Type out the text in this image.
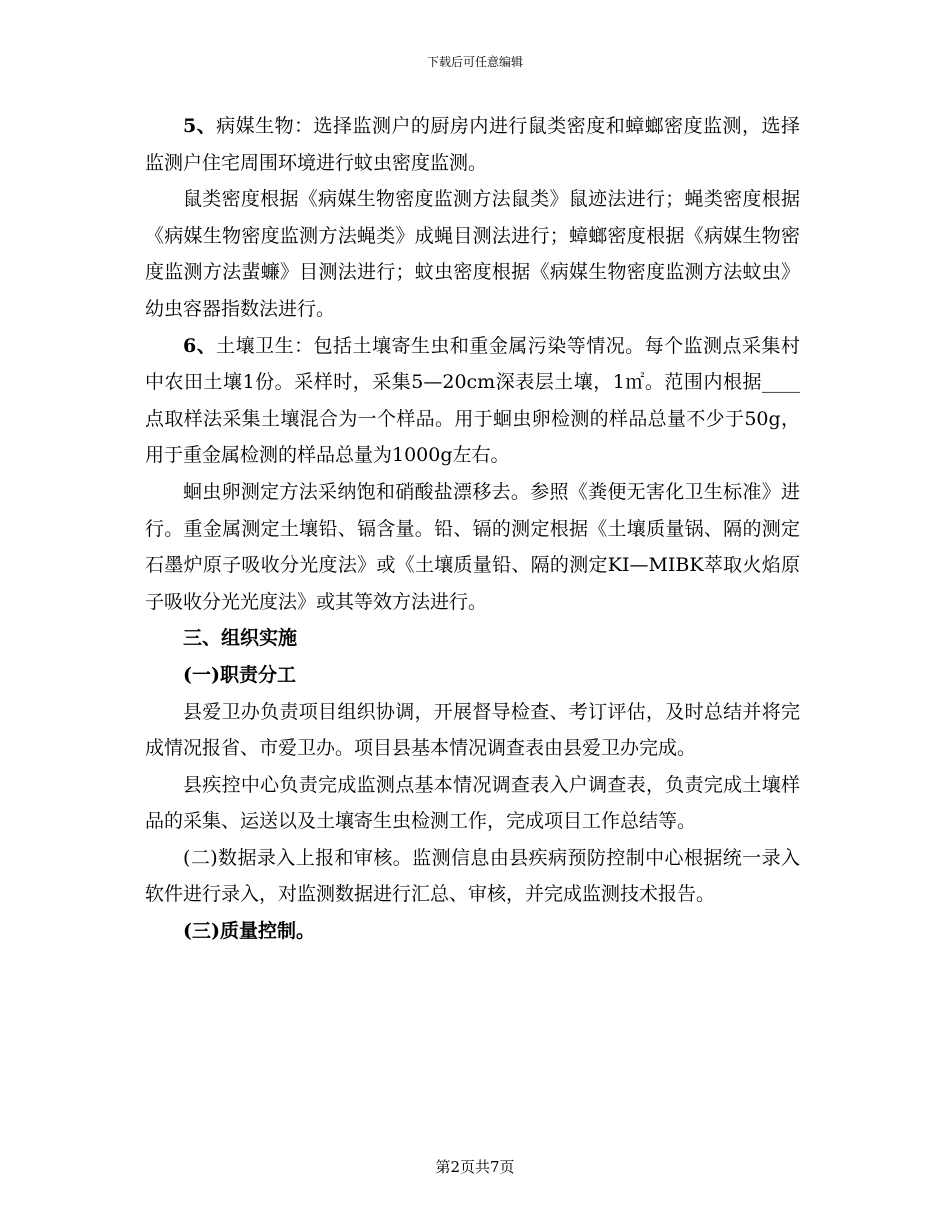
下载后可任意编辑

5、病媒生物：选择监测户的厨房内进行鼠类密度和蟑螂密度监测，选择监测户住宅周围环境进行蚊虫密度监测。

鼠类密度根据《病媒生物密度监测方法鼠类》鼠迹法进行；蝇类密度根据《病媒生物密度监测方法蝇类》成蝇目测法进行；蟑螂密度根据《病媒生物密度监测方法蜚蠊》目测法进行；蚊虫密度根据《病媒生物密度监测方法蚊虫》幼虫容器指数法进行。

6、土壤卫生：包括土壤寄生虫和重金属污染等情况。每个监测点采集村中农田土壤1份。采样时，采集5—20cm深表层土壤，1㎡。范围内根据____点取样法采集土壤混合为一个样品。用于蛔虫卵检测的样品总量不少于50g，用于重金属检测的样品总量为1000g左右。

蛔虫卵测定方法采纳饱和硝酸盐漂移去。参照《粪便无害化卫生标准》进行。重金属测定土壤铅、镉含量。铅、镉的测定根据《土壤质量锅、隔的测定石墨炉原子吸收分光度法》或《土壤质量铅、隔的测定KI—MIBK萃取火焰原子吸收分光光度法》或其等效方法进行。

三、组织实施

(一)职责分工

县爱卫办负责项目组织协调，开展督导检查、考订评估，及时总结并将完成情况报省、市爱卫办。项目县基本情况调查表由县爱卫办完成。

县疾控中心负责完成监测点基本情况调查表入户调查表，负责完成土壤样品的采集、运送以及土壤寄生虫检测工作，完成项目工作总结等。

(二)数据录入上报和审核。监测信息由县疾病预防控制中心根据统一录入软件进行录入，对监测数据进行汇总、审核，并完成监测技术报告。

(三)质量控制。

第2页共7页
